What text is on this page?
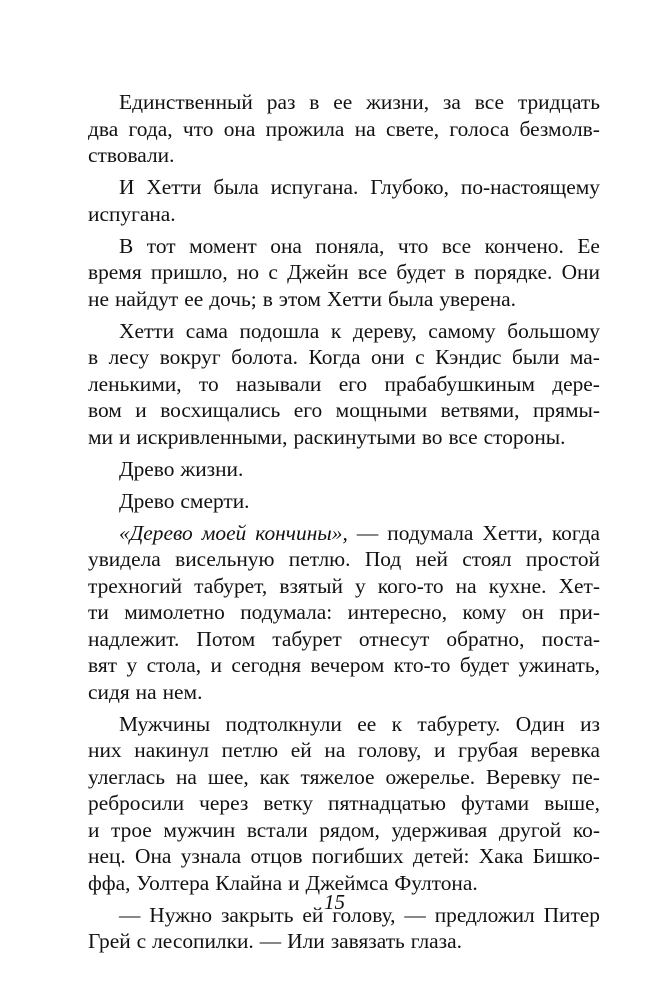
Единственный раз в ее жизни, за все тридцать
два года, что она прожила на свете, голоса безмолв-
ствовали.
И Хетти была испугана. Глубоко, по-настоящему
испугана.
В тот момент она поняла, что все кончено. Ее
время пришло, но с Джейн все будет в порядке. Они
не найдут ее дочь; в этом Хетти была уверена.
Хетти сама подошла к дереву, самому большому
в лесу вокруг болота. Когда они с Кэндис были ма-
ленькими, то называли его прабабушкиным дере-
вом и восхищались его мощными ветвями, прямы-
ми и искривленными, раскинутыми во все стороны.
Древо жизни.
Древо смерти.
«Дерево моей кончины», — подумала Хетти, когда
увидела висельную петлю. Под ней стоял простой
трехногий табурет, взятый у кого-то на кухне. Хет-
ти мимолетно подумала: интересно, кому он при-
надлежит. Потом табурет отнесут обратно, поста-
вят у стола, и сегодня вечером кто-то будет ужинать,
сидя на нем.
Мужчины подтолкнули ее к табурету. Один из
них накинул петлю ей на голову, и грубая веревка
улеглась на шее, как тяжелое ожерелье. Веревку пе-
ребросили через ветку пятнадцатью футами выше,
и трое мужчин встали рядом, удерживая другой ко-
нец. Она узнала отцов погибших детей: Хака Бишко-
ффа, Уолтера Клайна и Джеймса Фултона.
— Нужно закрыть ей голову, — предложил Питер
Грей с лесопилки. — Или завязать глаза.
15
